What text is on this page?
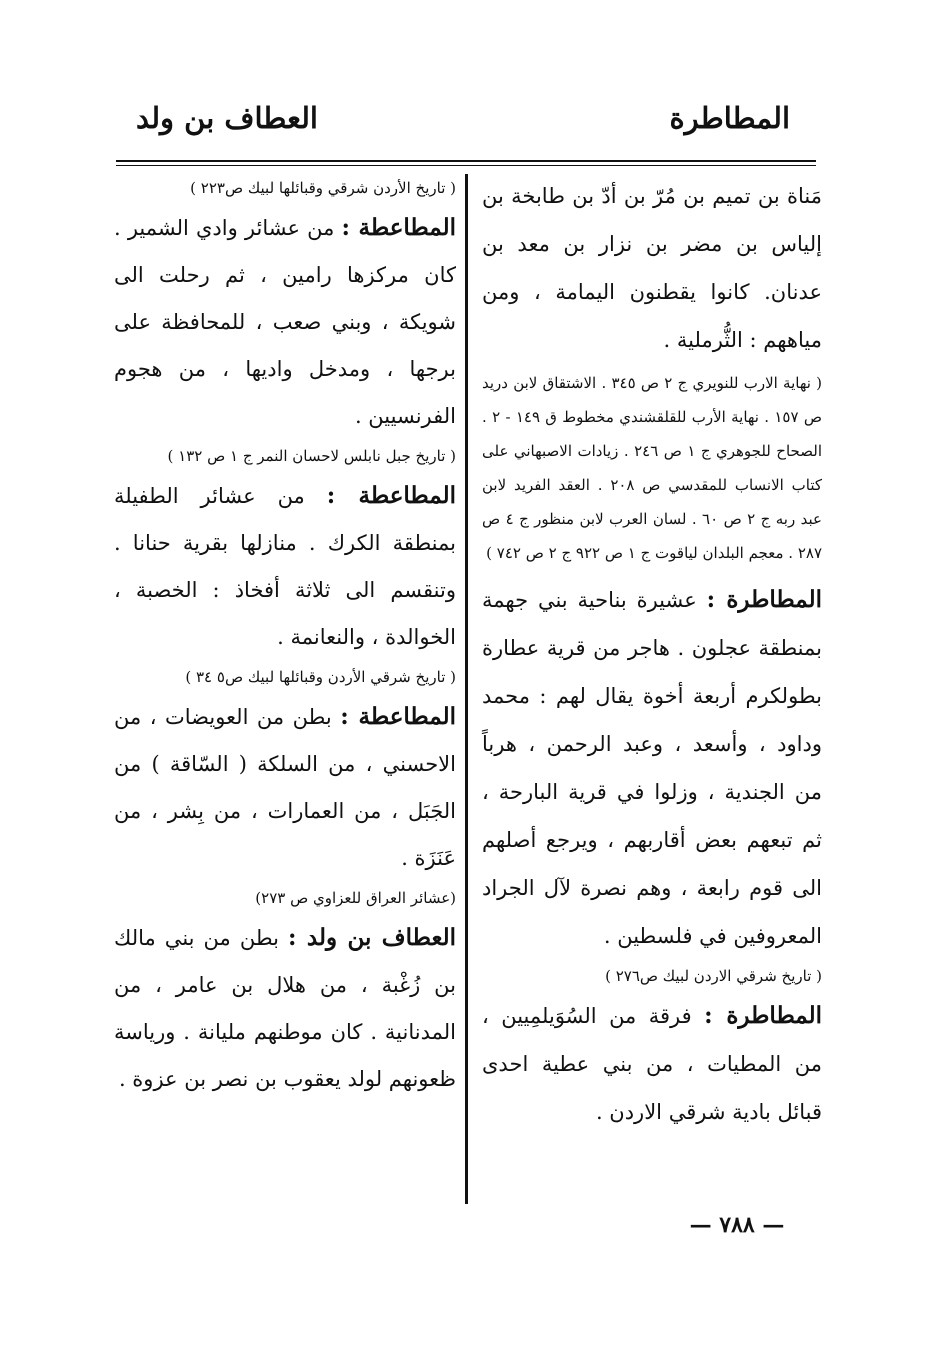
المطاطرة
العطاف بن ولد

مَناة بن تميم بن مُرّ بن أدّ بن طابخة بن إلياس بن مضر بن نزار بن معد بن عدنان. كانوا يقطنون اليمامة ، ومن مياههم : الثُّرملية .

( نهاية الارب للنويري ج ٢ ص ٣٤٥ . الاشتقاق لابن دريد ص ١٥٧ . نهاية الأرب للقلقشندي مخطوط ق ١٤٩ - ٢ . الصحاح للجوهري ج ١ ص ٢٤٦ . زيادات الاصبهاني على كتاب الانساب للمقدسي ص ٢٠٨ . العقد الفريد لابن عبد ربه ج ٢ ص ٦٠ . لسان العرب لابن منظور ج ٤ ص ٢٨٧ . معجم البلدان لياقوت ج ١ ص ٩٢٢ ج ٢ ص ٧٤٢ )

المطاطرة : عشيرة بناحية بني جهمة بمنطقة عجلون . هاجر من قرية عطارة بطولكرم أربعة أخوة يقال لهم : محمد وداود ، وأسعد ، وعبد الرحمن ، هرباً من الجندية ، وزلوا في قرية البارحة ، ثم تبعهم بعض أقاربهم ، ويرجع أصلهم الى قوم رابعة ، وهم نصرة لآل الجراد المعروفين في فلسطين .

( تاريخ شرقي الاردن لبيك ص٢٧٦ )

المطاطرة : فرقة من السُوَيلمِيين ، من المطيات ، من بني عطية احدى قبائل بادية شرقي الاردن .

( تاريخ الأردن شرقي وقبائلها لبيك ص٢٢٣ )

المطاعطة : من عشائر وادي الشمير . كان مركزها رامين ، ثم رحلت الى شويكة ، وبني صعب ، للمحافظة على برجها ، ومدخل واديها ، من هجوم الفرنسيين .

( تاريخ جبل نابلس لاحسان النمر ج ١ ص ١٣٢ )

المطاعطة : من عشائر الطفيلة بمنطقة الكرك . منازلها بقرية حنانا . وتنقسم الى ثلاثة أفخاذ : الخصبة ، الخوالدة ، والنعانمة .

( تاريخ شرقي الأردن وقبائلها لبيك ص٥ ٣٤ )

المطاعطة : بطن من العويضات ، من الاحسني ، من السلكة ( السّاقة ) من الجَبَل ، من العمارات ، من بِشر ، من عَنَزَة .

(عشائر العراق للعزاوي ص ٢٧٣)

العطاف بن ولد : بطن من بني مالك بن زُغْبة ، من هلال بن عامر ، من المدنانية . كان موطنهم مليانة . ورياسة ظعونهم لولد يعقوب بن نصر بن عزوة .

— ٧٨٨ —
